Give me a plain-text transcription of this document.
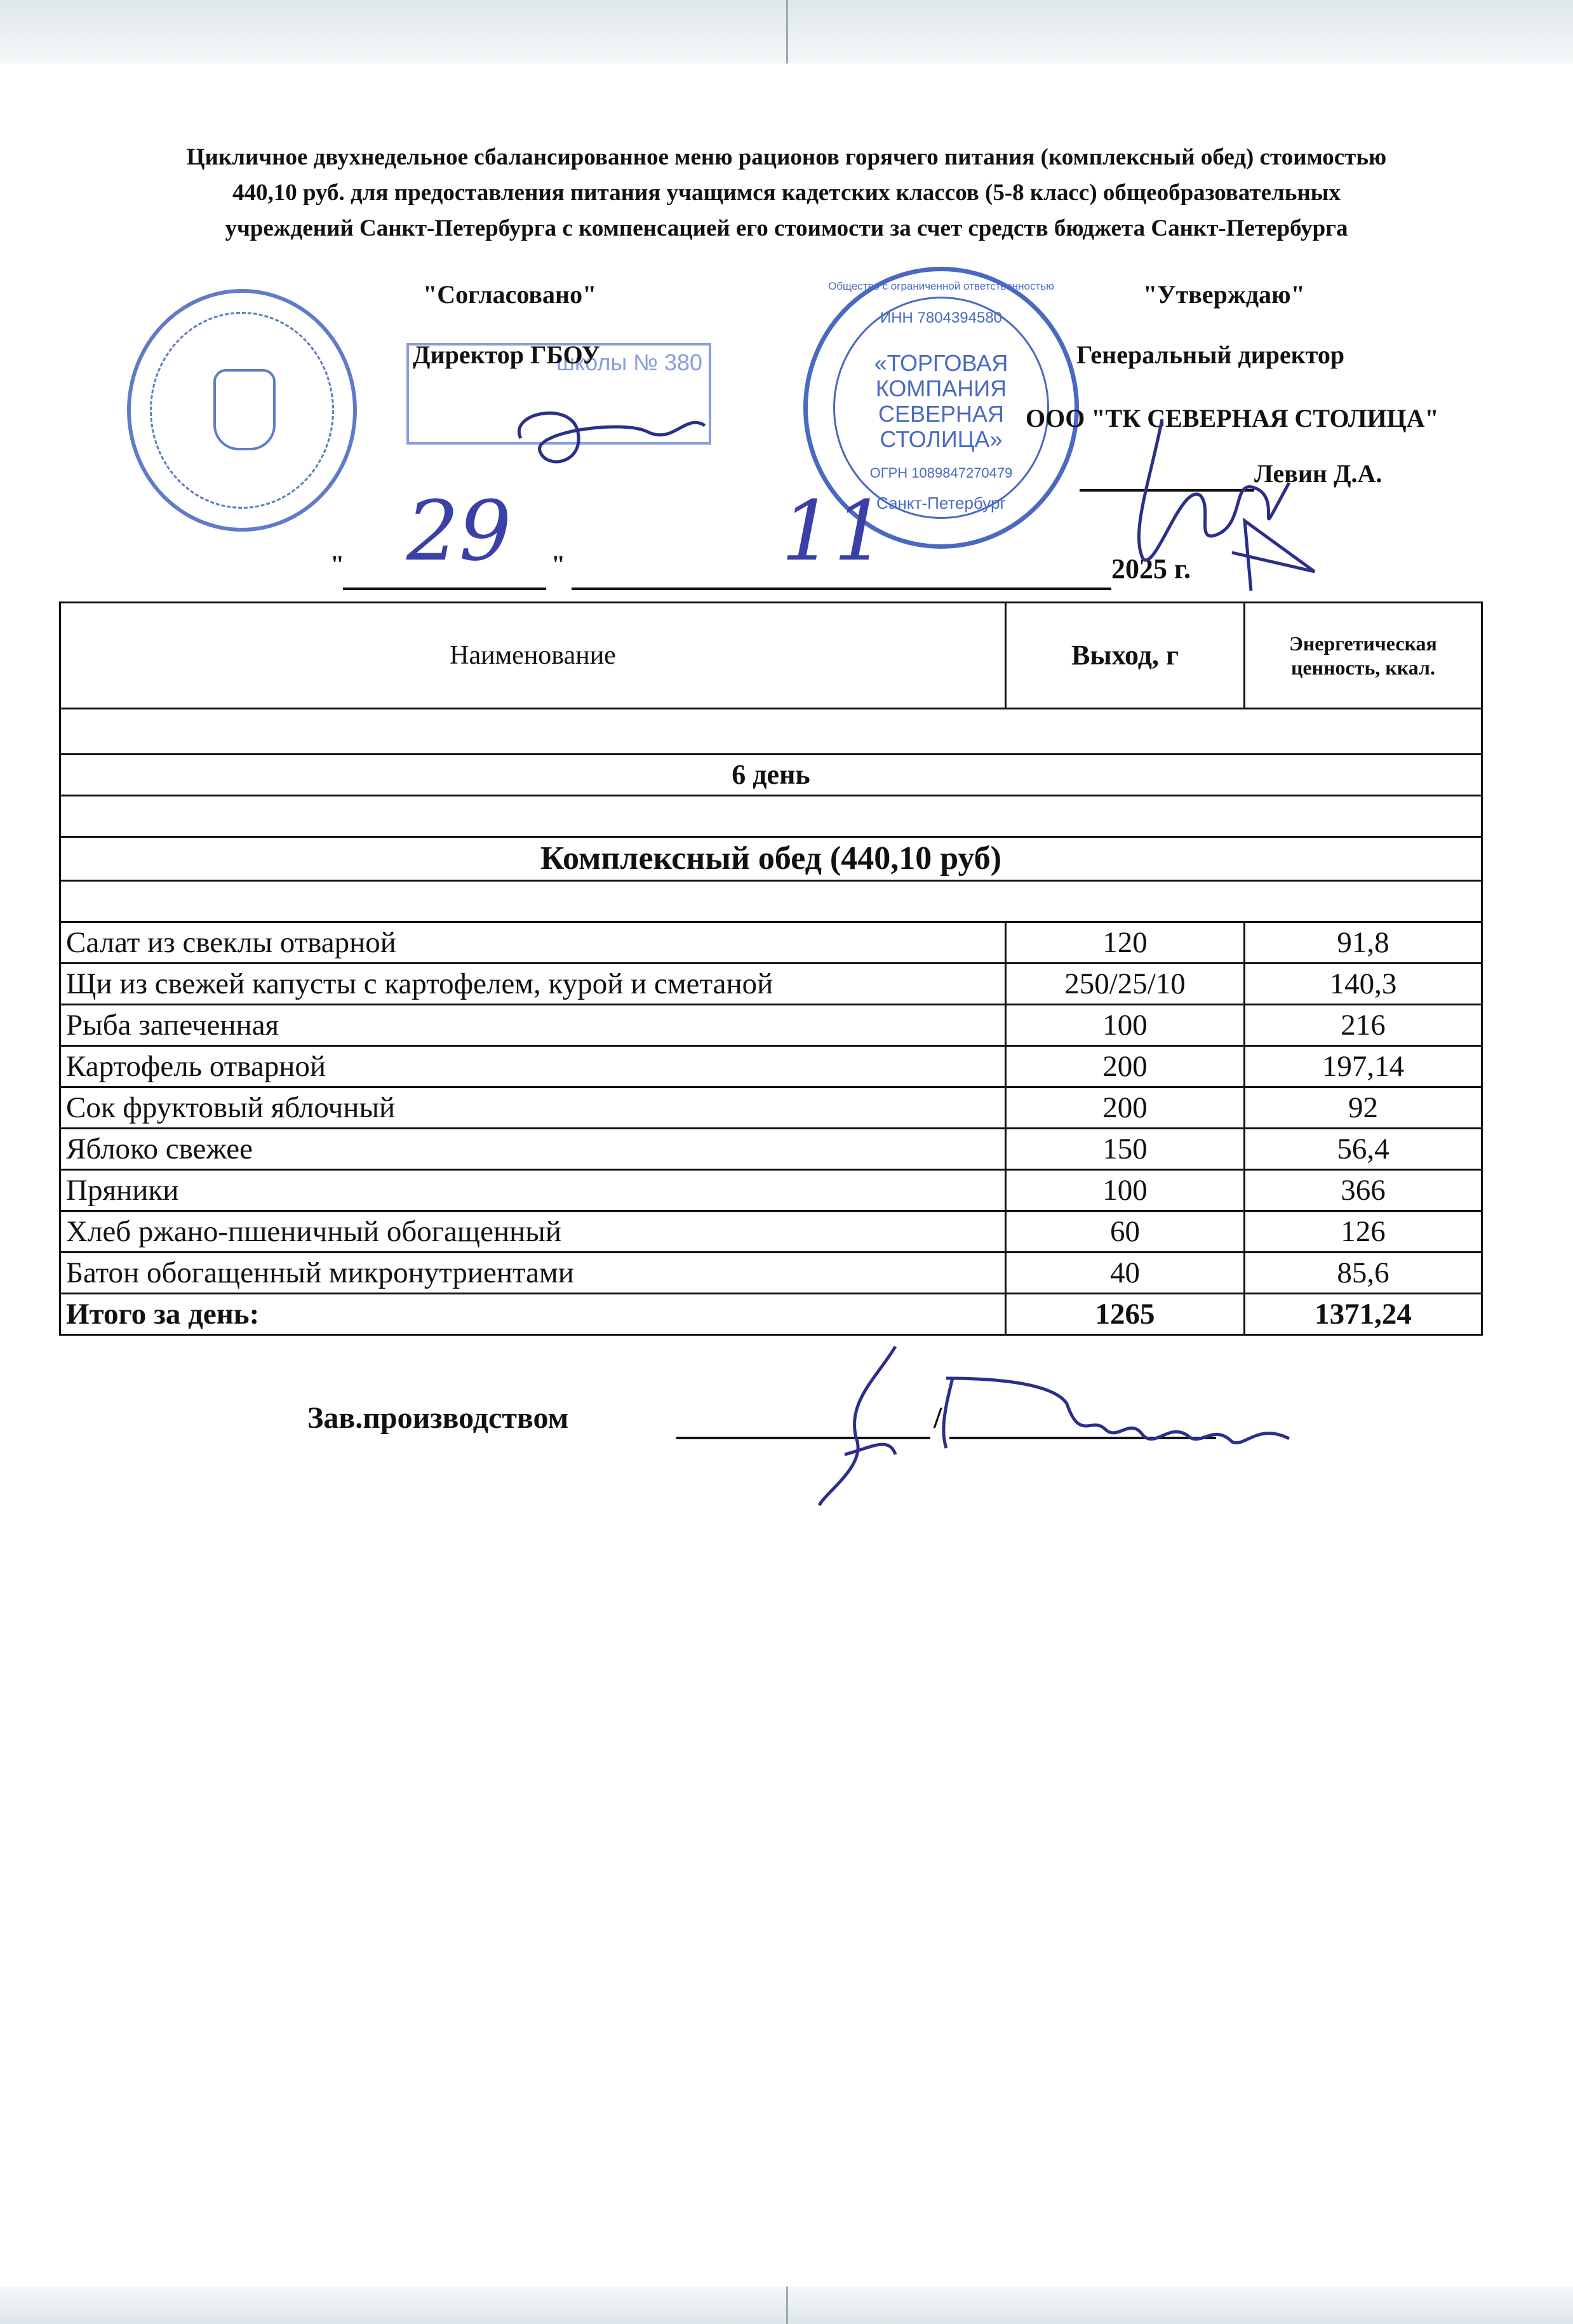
Цикличное двухнедельное сбалансированное меню рационов горячего питания (комплексный обед) стоимостью
440,10 руб. для предоставления питания учащимся кадетских классов (5-8 класс) общеобразовательных
учреждений Санкт-Петербурга с компенсацией его стоимости за счет средств бюджета Санкт-Петербурга
школы № 380
Общество с ограниченной ответственностью
ИНН 7804394580
«ТОРГОВАЯ
КОМПАНИЯ
СЕВЕРНАЯ
СТОЛИЦА»
ОГРН 1089847270479
Санкт-Петербург
"Согласовано"
Директор ГБОУ
"Утверждаю"
Генеральный директор
ООО "ТК СЕВЕРНАЯ СТОЛИЦА"
Левин Д.А.
" 29 "	11	2025 г.
Наименование	Выход, г	Энергетическая ценность, ккал.

6 день		

Комплексный обед (440,10 руб)		

Салат из свеклы отварной	120	91,8
Щи из свежей капусты с картофелем, курой и сметаной	250/25/10	140,3
Рыба запеченная	100	216
Картофель отварной	200	197,14
Сок фруктовый яблочный	200	92
Яблоко свежее	150	56,4
Пряники	100	366
Хлеб ржано-пшеничный обогащенный	60	126
Батон обогащенный микронутриентами	40	85,6
Итого за день:	1265	1371,24
Зав.производством	/
